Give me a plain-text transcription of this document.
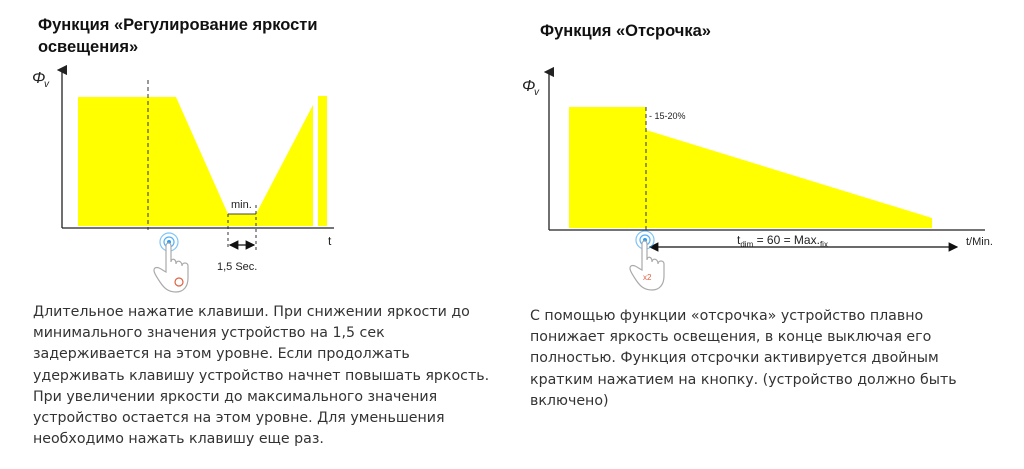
Функция «Регулирование яркости
освещения»
Функция «Отсрочка»
Φ
v
t
min.
1,5 Sec.
Φ
v
t/Min.
- 15-20%
$t_{dim} = 60 = Max._{fix}$
x2

Длительное нажатие клавиши. При снижении яркости до минимального значения устройство на 1,5 сек задерживается на этом уровне. Если продолжать удерживать клавишу устройство начнет повышать яркость. При увеличении яркости до максимального значения устройство остается на этом уровне. Для уменьшения необходимо нажать клавишу еще раз.

С помощью функции «отсрочка» устройство плавно понижает яркость освещения, в конце выключая его полностью. Функция отсрочки активируется двойным кратким нажатием на кнопку. (устройство должно быть включено)
